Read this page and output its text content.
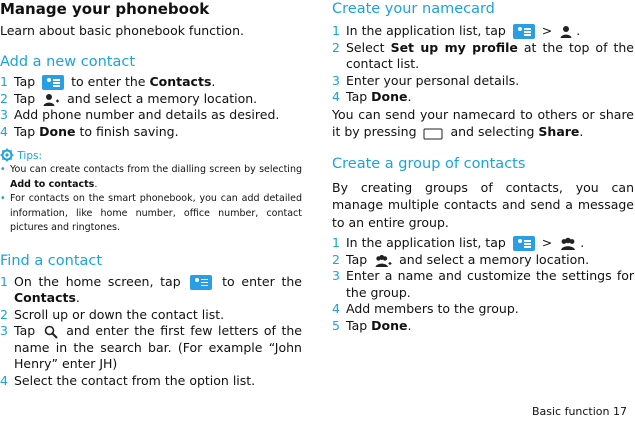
Manage your phonebook

Learn about basic phonebook function.

Add a new contact
1 Tap	to enter the Contacts.
2 Tap	and select a memory location.
3 Add phone number and details as desired.
4 Tap Done to finish saving.
Tips:
• You can create contacts from the dialling screen by selecting Add to contacts.
• For contacts on the smart phonebook, you can add detailed information, like home number, office number, contact pictures and ringtones.
Find a contact
1 On the home screen, tap	to enter the Contacts.
2 Scroll up or down the contact list.
3 Tap and enter the first few letters of the name in the search bar. (For example “John Henry” enter JH)
4 Select the contact from the option list.
Create your namecard
1 In the application list, tap	> .
2 Select Set up my profile at the top of the contact list.
3 Enter your personal details.
4 Tap Done.

You can send your namecard to others or share it by pressing	and selecting Share.

Create a group of contacts

By creating groups of contacts, you can manage multiple contacts and send a message to an entire group.

1 In the application list, tap	> .
2 Tap	and select a memory location.
3 Enter a name and customize the settings for the group.
4 Add members to the group.
5 Tap Done.
Basic function 17
